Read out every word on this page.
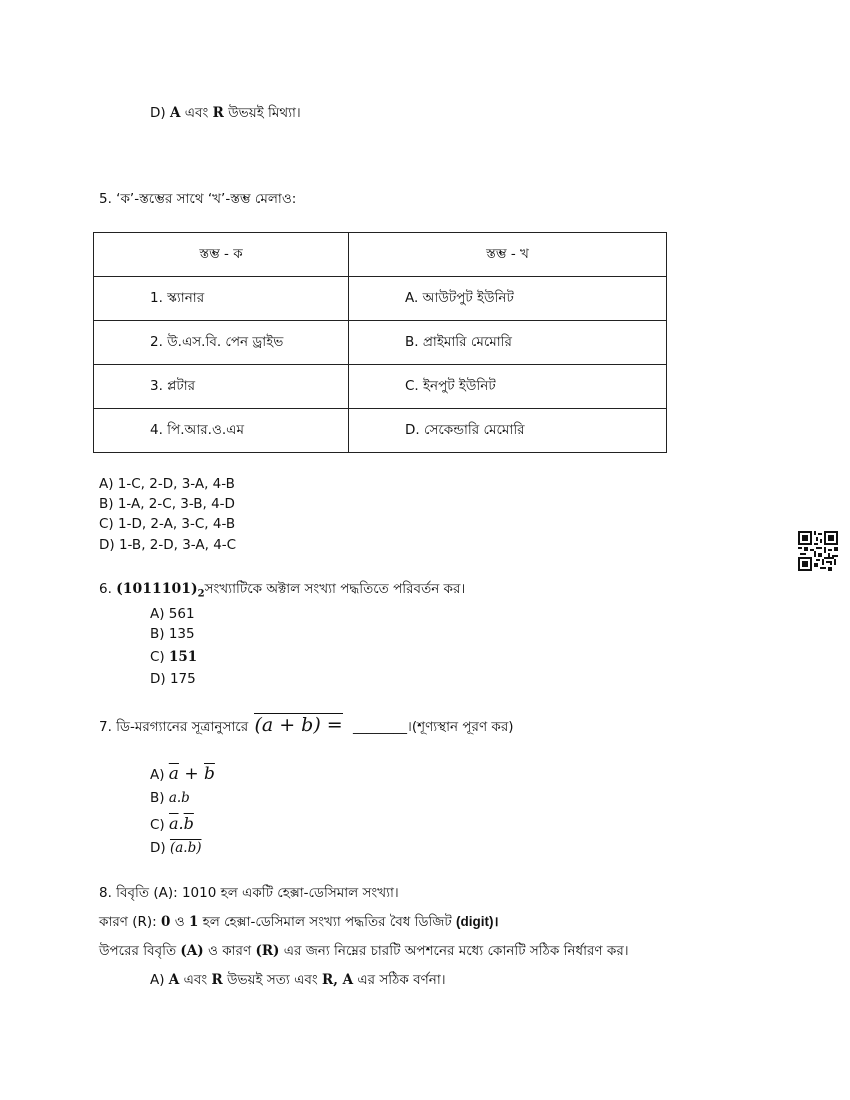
D) A এবং R উভয়ই মিথ্যা।
5. ‘ক’-স্তম্ভের সাথে ‘খ’-স্তম্ভ মেলাও:
স্তম্ভ - ক	স্তম্ভ - খ
1. স্ক্যানার	A. আউটপুট ইউনিট
2. উ.এস.বি. পেন ড্রাইভ	B. প্রাইমারি মেমোরি
3. প্লটার	C. ইনপুট ইউনিট
4. পি.আর.ও.এম	D. সেকেন্ডারি মেমোরি
A) 1-C, 2-D, 3-A, 4-B
B) 1-A, 2-C, 3-B, 4-D
C) 1-D, 2-A, 3-C, 4-B
D) 1-B, 2-D, 3-A, 4-C
6. $(1011101)_2সংখ্যাটিকে$ অক্টাল সংখ্যা পদ্ধতিতে পরিবর্তন কর।
A) 561
B) 135
C) 151
D) 175
7. ডি-মরগ্যানের সূত্রানুসারে (a + b) = ________।(শূণ্যস্থান পূরণ কর)
A) $\overline{a} + \overline{b}$
B) a.b
C) $\overline{a}.\overline{b}$
D) (a.b)
8. বিবৃতি (A): 1010 হল একটি হেক্সা-ডেসিমাল সংখ্যা।
কারণ (R): 0 ও 1 হল হেক্সা-ডেসিমাল সংখ্যা পদ্ধতির বৈধ ডিজিট (digit)।
উপরের বিবৃতি (A) ও কারণ (R) এর জন্য নিম্নের চারটি অপশনের মধ্যে কোনটি সঠিক নির্ধারণ কর।
A) A এবং R উভয়ই সত্য এবং R, A এর সঠিক বর্ণনা।
